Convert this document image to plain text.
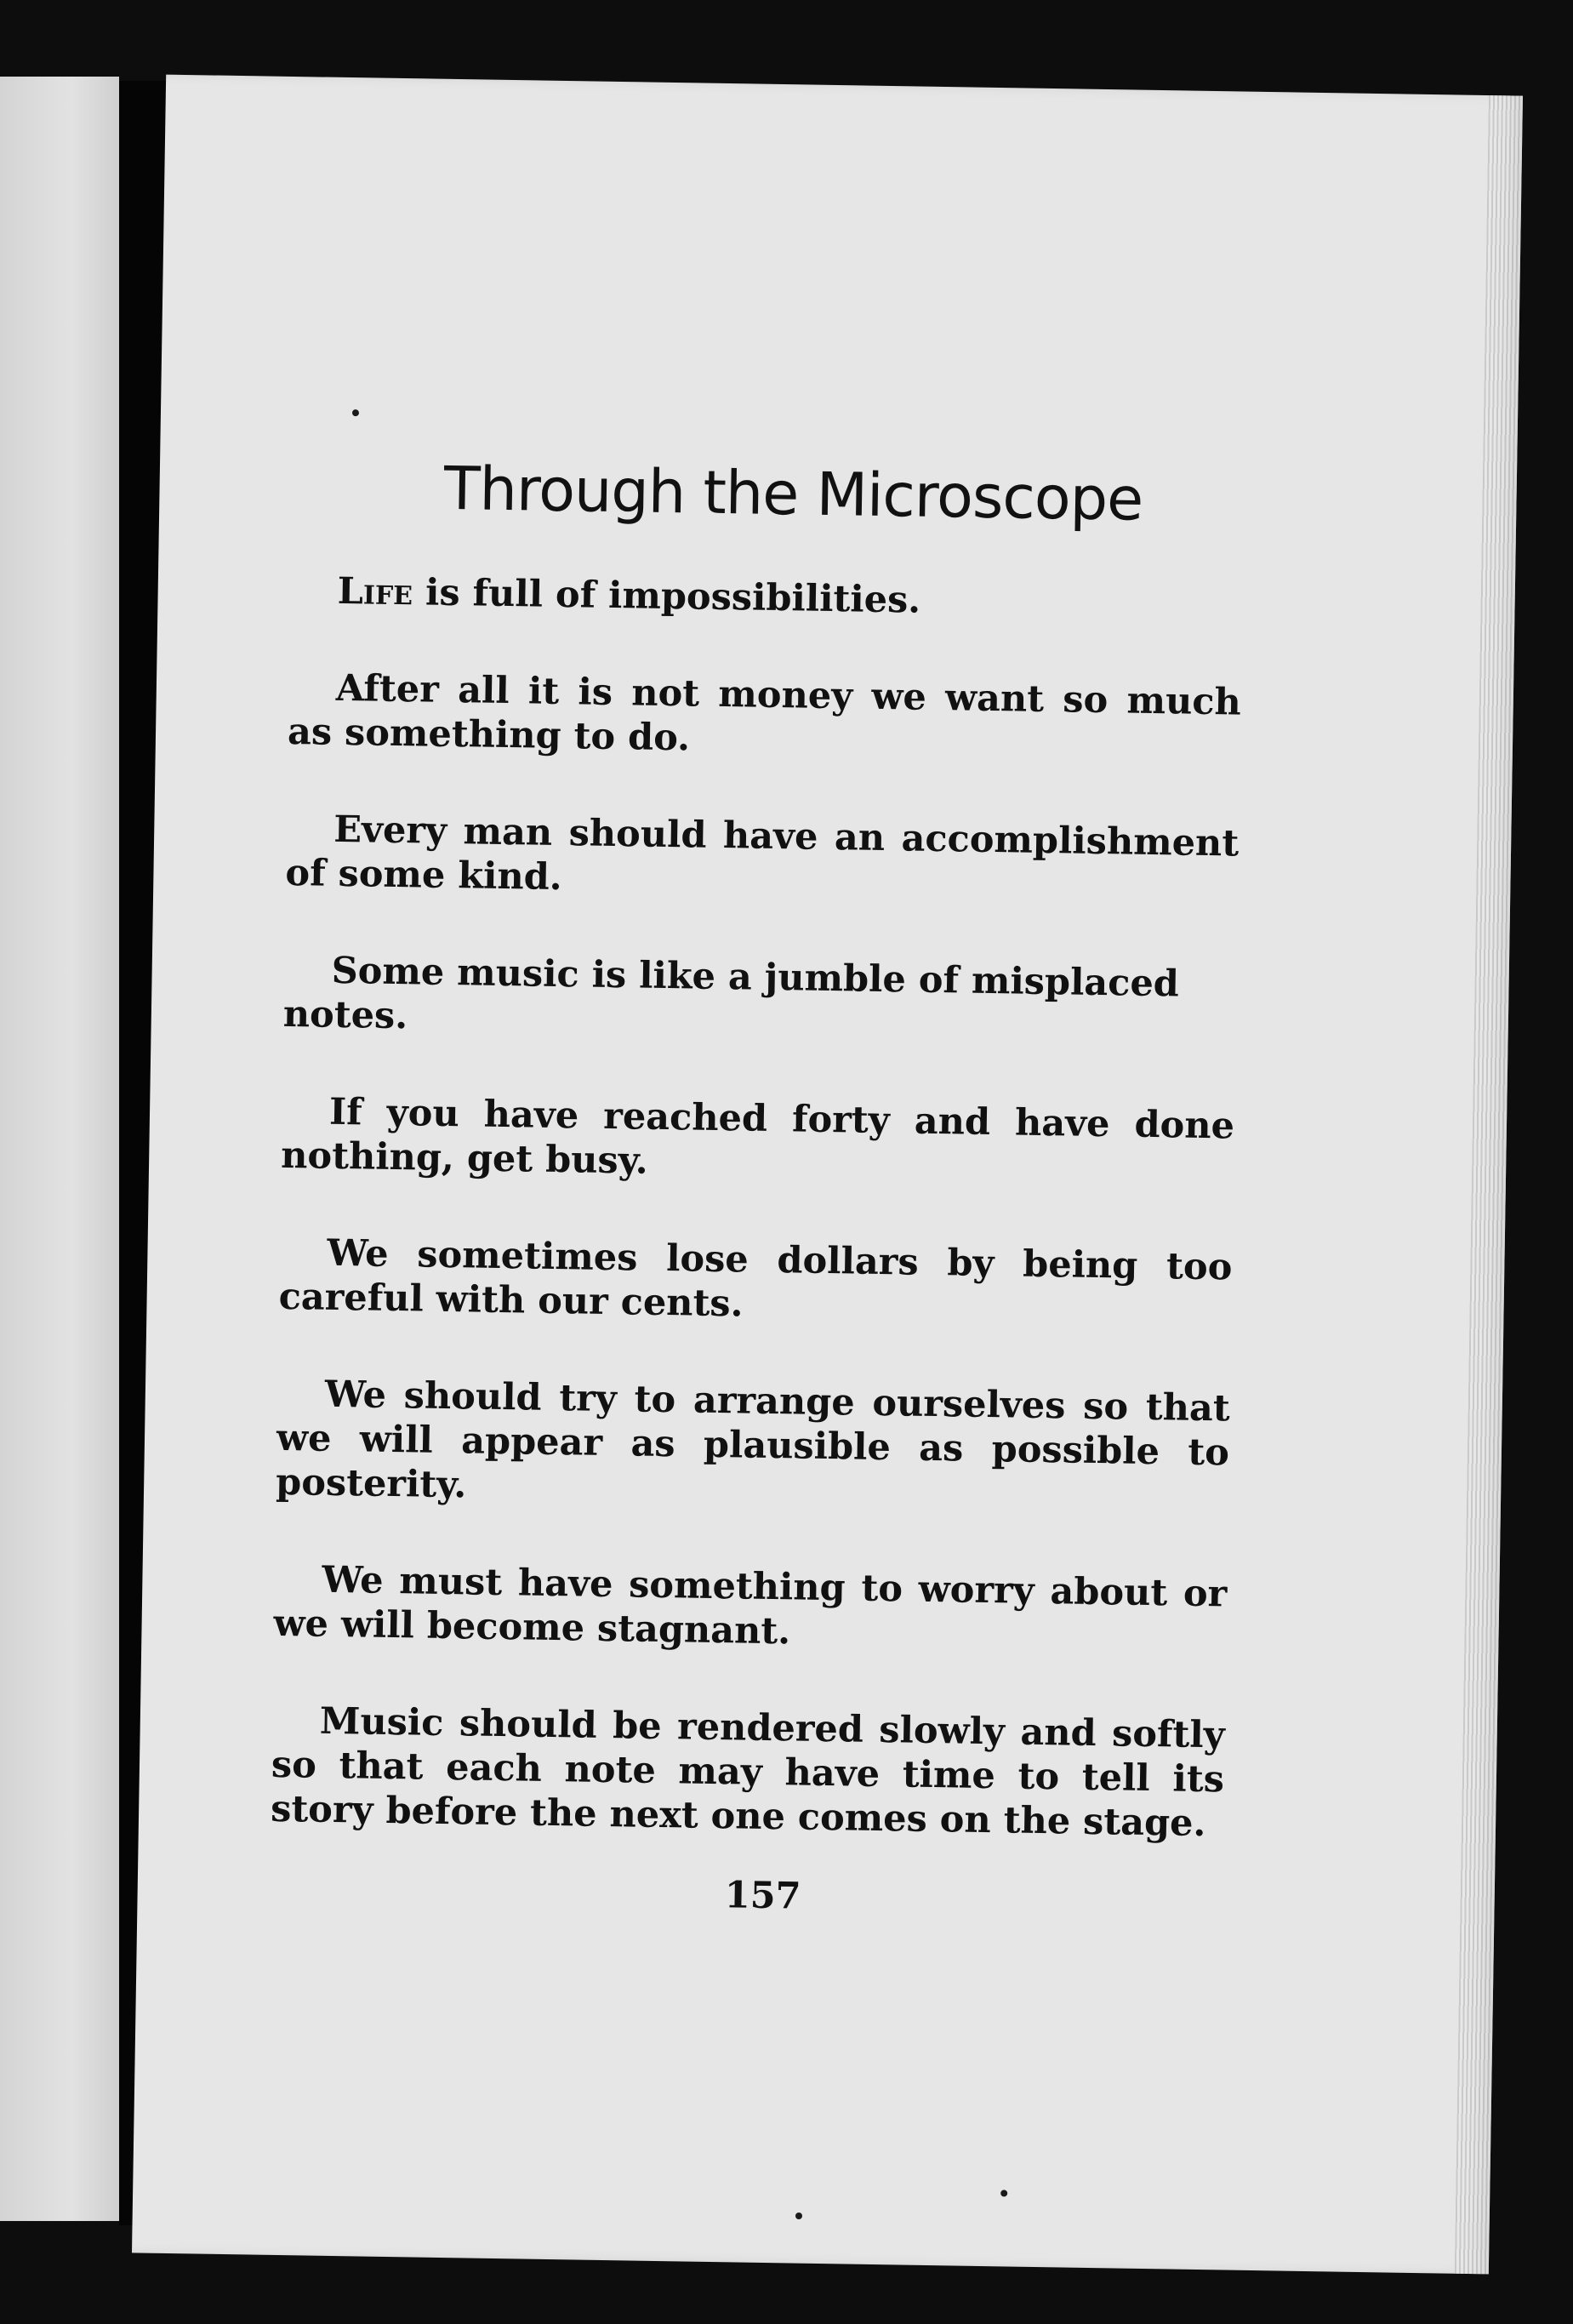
Through the Microscope

Life is full of impossibilities.

After all it is not money we want so much as something to do.

Every man should have an accomplishment of some kind.

Some music is like a jumble of misplaced notes.

If you have reached forty and have done nothing, get busy.

We sometimes lose dollars by being too careful with our cents.

We should try to arrange ourselves so that we will appear as plausible as possible to posterity.

We must have something to worry about or we will become stagnant.

Music should be rendered slowly and softly so that each note may have time to tell its story before the next one comes on the stage.

157
